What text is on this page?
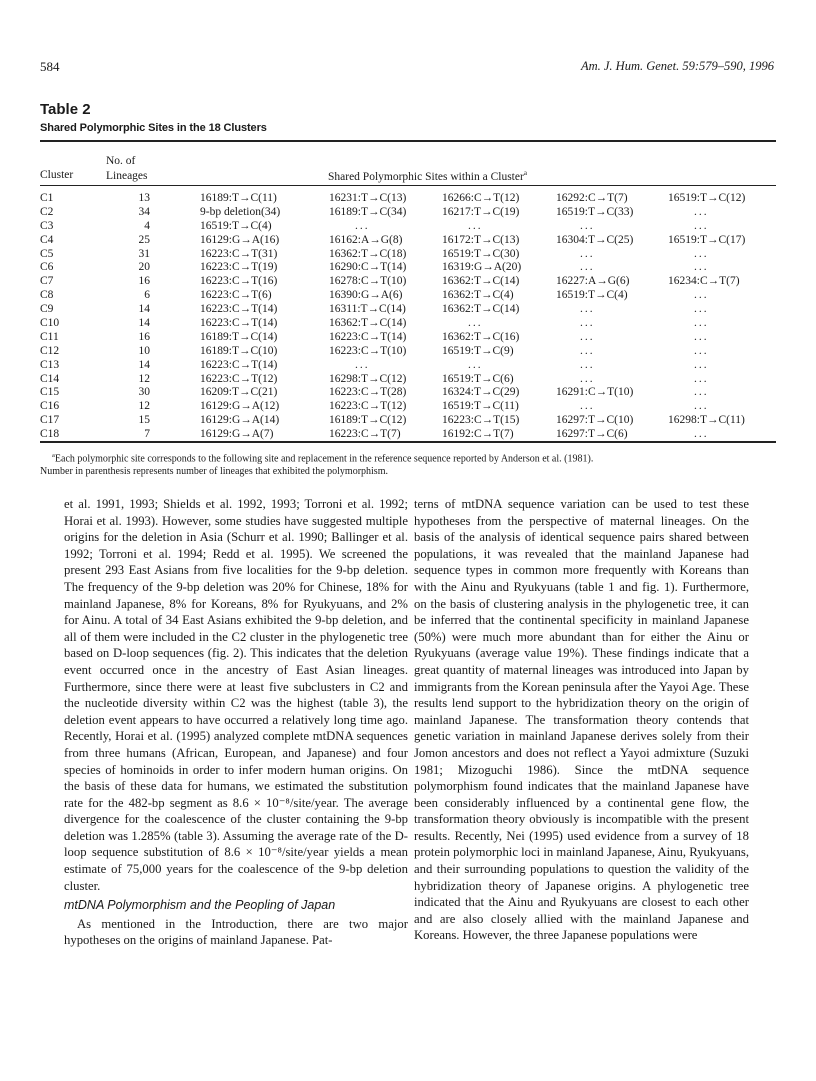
584	Am. J. Hum. Genet. 59:579–590, 1996
Table 2
Shared Polymorphic Sites in the 18 Clusters
Cluster
No. of
Lineages	Shared Polymorphic Sites within a Cluster$^a$
C1	13	16189:T→C(11)	16231:T→C(13)	16266:C→T(12)	16292:C→T(7)	16519:T→C(12)
C2	34	9-bp deletion(34)	16189:T→C(34)	16217:T→C(19)	16519:T→C(33)	...
C3	4	16519:T→C(4)	...	...	...	...
C4	25	16129:G→A(16)	16162:A→G(8)	16172:T→C(13)	16304:T→C(25)	16519:T→C(17)
C5	31	16223:C→T(31)	16362:T→C(18)	16519:T→C(30)	...	...
C6	20	16223:C→T(19)	16290:C→T(14)	16319:G→A(20)	...	...
C7	16	16223:C→T(16)	16278:C→T(10)	16362:T→C(14)	16227:A→G(6)	16234:C→T(7)
C8	6	16223:C→T(6)	16390:G→A(6)	16362:T→C(4)	16519:T→C(4)	...
C9	14	16223:C→T(14)	16311:T→C(14)	16362:T→C(14)	...	...
C10	14	16223:C→T(14)	16362:T→C(14)	...	...	...
C11	16	16189:T→C(14)	16223:C→T(14)	16362:T→C(16)	...	...
C12	10	16189:T→C(10)	16223:C→T(10)	16519:T→C(9)	...	...
C13	14	16223:C→T(14)	...	...	...	...
C14	12	16223:C→T(12)	16298:T→C(12)	16519:T→C(6)	...	...
C15	30	16209:T→C(21)	16223:C→T(28)	16324:T→C(29)	16291:C→T(10)	...
C16	12	16129:G→A(12)	16223:C→T(12)	16519:T→C(11)	...	...
C17	15	16129:G→A(14)	16189:T→C(12)	16223:C→T(15)	16297:T→C(10)	16298:T→C(11)
C18	7	16129:G→A(7)	16223:C→T(7)	16192:C→T(7)	16297:T→C(6)	...
$^a$Each polymorphic site corresponds to the following site and replacement in the reference sequence reported by Anderson et al. (1981).
Number in parenthesis represents number of lineages that exhibited the polymorphism.

et al. 1991, 1993; Shields et al. 1992, 1993; Torroni et al. 1992; Horai et al. 1993). However, some studies have suggested multiple origins for the deletion in Asia (Schurr et al. 1990; Ballinger et al. 1992; Torroni et al. 1994; Redd et al. 1995). We screened the present 293 East Asians from five localities for the 9-bp deletion. The frequency of the 9-bp deletion was 20% for Chinese, 18% for mainland Japanese, 8% for Koreans, 8% for Ryukyuans, and 2% for Ainu. A total of 34 East Asians exhibited the 9-bp deletion, and all of them were included in the C2 cluster in the phylogenetic tree based on D-loop sequences (fig. 2). This indicates that the deletion event occurred once in the ancestry of East Asian lineages. Furthermore, since there were at least five subclusters in C2 and the nucleotide diversity within C2 was the highest (table 3), the deletion event appears to have occurred a relatively long time ago. Recently, Horai et al. (1995) analyzed complete mtDNA sequences from three humans (African, European, and Japanese) and four species of hominoids in order to infer modern human origins. On the basis of these data for humans, we estimated the substitution rate for the 482-bp segment as 8.6 × 10⁻⁸/site/year. The average divergence for the coalescence of the cluster containing the 9-bp deletion was 1.285% (table 3). Assuming the average rate of the D-loop sequence substitution of 8.6 × 10⁻⁸/site/year yields a mean estimate of 75,000 years for the coalescence of the 9-bp deletion cluster.

mtDNA Polymorphism and the Peopling of Japan

As mentioned in the Introduction, there are two major hypotheses on the origins of mainland Japanese. Pat-

terns of mtDNA sequence variation can be used to test these hypotheses from the perspective of maternal lineages. On the basis of the analysis of identical sequence pairs shared between populations, it was revealed that the mainland Japanese had sequence types in common more frequently with Koreans than with the Ainu and Ryukyuans (table 1 and fig. 1). Furthermore, on the basis of clustering analysis in the phylogenetic tree, it can be inferred that the continental specificity in mainland Japanese (50%) were much more abundant than for either the Ainu or Ryukyuans (average value 19%). These findings indicate that a great quantity of maternal lineages was introduced into Japan by immigrants from the Korean peninsula after the Yayoi Age. These results lend support to the hybridization theory on the origin of mainland Japanese. The transformation theory contends that genetic variation in mainland Japanese derives solely from their Jomon ancestors and does not reflect a Yayoi admixture (Suzuki 1981; Mizoguchi 1986). Since the mtDNA sequence polymorphism found indicates that the mainland Japanese have been considerably influenced by a continental gene flow, the transformation theory obviously is incompatible with the present results. Recently, Nei (1995) used evidence from a survey of 18 protein polymorphic loci in mainland Japanese, Ainu, Ryukyuans, and their surrounding populations to question the validity of the hybridization theory of Japanese origins. A phylogenetic tree indicated that the Ainu and Ryukyuans are closest to each other and are also closely allied with the mainland Japanese and Koreans. However, the three Japanese populations were
